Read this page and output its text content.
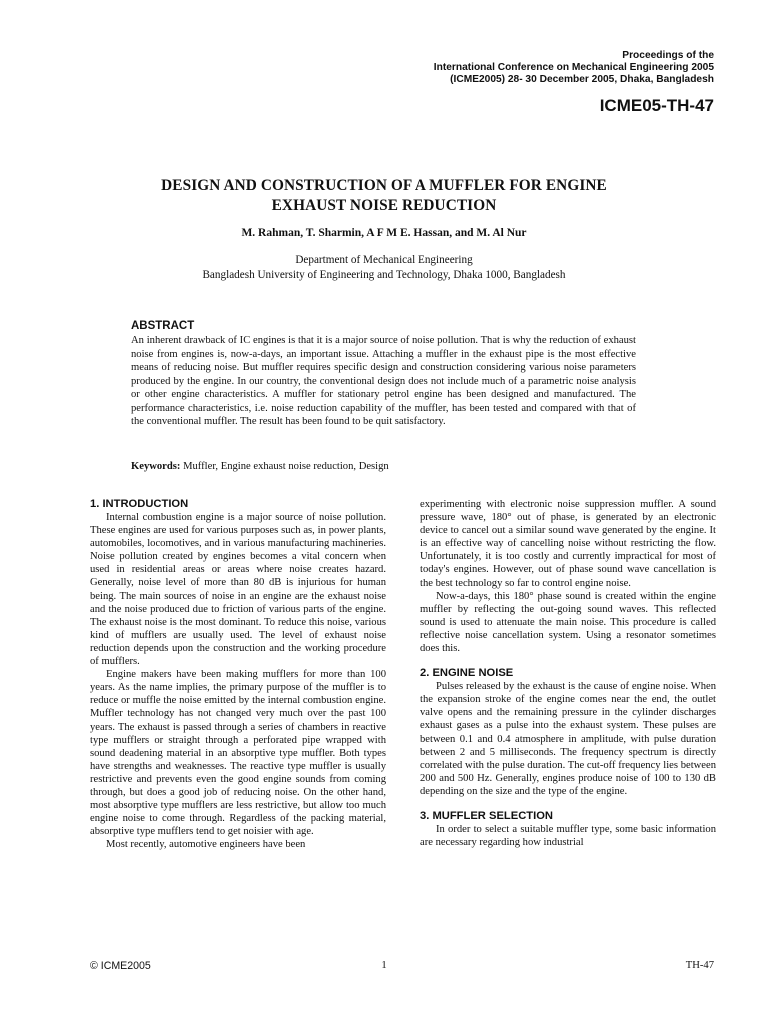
Proceedings of the
International Conference on Mechanical Engineering 2005
(ICME2005) 28- 30 December 2005, Dhaka, Bangladesh
ICME05-TH-47
DESIGN AND CONSTRUCTION OF A MUFFLER FOR ENGINE
EXHAUST NOISE REDUCTION
M. Rahman, T. Sharmin, A F M E. Hassan, and M. Al Nur
Department of Mechanical Engineering
Bangladesh University of Engineering and Technology, Dhaka 1000, Bangladesh
ABSTRACT
An inherent drawback of IC engines is that it is a major source of noise pollution. That is why the reduction of exhaust noise from engines is, now-a-days, an important issue. Attaching a muffler in the exhaust pipe is the most effective means of reducing noise. But muffler requires specific design and construction considering various noise parameters produced by the engine. In our country, the conventional design does not include much of a parametric noise analysis or other engine characteristics. A muffler for stationary petrol engine has been designed and manufactured. The performance characteristics, i.e. noise reduction capability of the muffler, has been tested and compared with that of the conventional muffler. The result has been found to be quit satisfactory.
Keywords: Muffler, Engine exhaust noise reduction, Design
1. INTRODUCTION

Internal combustion engine is a major source of noise pollution. These engines are used for various purposes such as, in power plants, automobiles, locomotives, and in various manufacturing machineries. Noise pollution created by engines becomes a vital concern when used in residential areas or areas where noise creates hazard. Generally, noise level of more than 80 dB is injurious for human being. The main sources of noise in an engine are the exhaust noise and the noise produced due to friction of various parts of the engine. The exhaust noise is the most dominant. To reduce this noise, various kind of mufflers are usually used. The level of exhaust noise reduction depends upon the construction and the working procedure of mufflers.

Engine makers have been making mufflers for more than 100 years. As the name implies, the primary purpose of the muffler is to reduce or muffle the noise emitted by the internal combustion engine. Muffler technology has not changed very much over the past 100 years. The exhaust is passed through a series of chambers in reactive type mufflers or straight through a perforated pipe wrapped with sound deadening material in an absorptive type muffler. Both types have strengths and weaknesses. The reactive type muffler is usually restrictive and prevents even the good engine sounds from coming through, but does a good job of reducing noise. On the other hand, most absorptive type mufflers are less restrictive, but allow too much engine noise to come through. Regardless of the packing material, absorptive type mufflers tend to get noisier with age.

Most recently, automotive engineers have been

experimenting with electronic noise suppression muffler. A sound pressure wave, 180° out of phase, is generated by an electronic device to cancel out a similar sound wave generated by the engine. It is an effective way of cancelling noise without restricting the flow. Unfortunately, it is too costly and currently impractical for most of today's engines. However, out of phase sound wave cancellation is the best technology so far to control engine noise.

Now-a-days, this 180° phase sound is created within the engine muffler by reflecting the out-going sound waves. This reflected sound is used to attenuate the main noise. This procedure is called reflective noise cancellation system. Using a resonator sometimes does this.

2. ENGINE NOISE

Pulses released by the exhaust is the cause of engine noise. When the expansion stroke of the engine comes near the end, the outlet valve opens and the remaining pressure in the cylinder discharges exhaust gases as a pulse into the exhaust system. These pulses are between 0.1 and 0.4 atmosphere in amplitude, with pulse duration between 2 and 5 milliseconds. The frequency spectrum is directly correlated with the pulse duration. The cut-off frequency lies between 200 and 500 Hz. Generally, engines produce noise of 100 to 130 dB depending on the size and the type of the engine.

3. MUFFLER SELECTION

In order to select a suitable muffler type, some basic information are necessary regarding how industrial

© ICME2005	1	TH-47
